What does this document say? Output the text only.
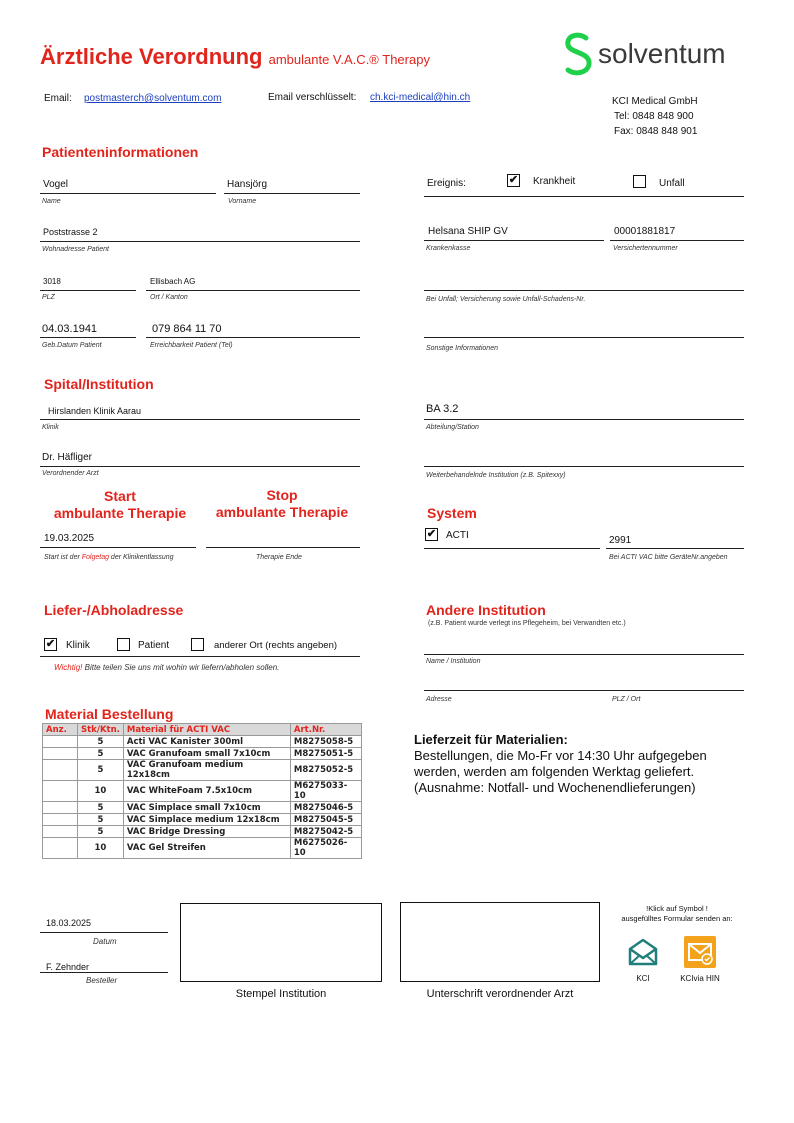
Ärztliche Verordnung ambulante V.A.C.® Therapy	solventum
Email: postmasterch@solventum.com	Email verschlüsselt: ch.kci-medical@hin.ch	KCI Medical GmbH
Tel: 0848 848 900
Fax: 0848 848 901
Patienteninformationen
Vogel
Name
Hansjörg
Vorname
Poststrasse 2
Wohnadresse Patient
3018
PLZ
Ellisbach AG
Ort / Kanton
04.03.1941
Geb.Datum Patient
079 864 11 70
Erreichbarkeit Patient (Tel)
Ereignis:	✔ Krankheit	Unfall
Helsana SHIP GV
Krankenkasse
00001881817
Versichertennummer
Bei Unfall; Versicherung sowie Unfall-Schadens-Nr.
Sonstige Informationen
Spital/Institution
Hirslanden Klinik Aarau
Klinik
BA 3.2
Abteilung/Station
Dr. Häfliger
Verordnender Arzt	Weiterbehandelnde Institution (z.B. Spitexxy)
Start
ambulante Therapie
Stop
ambulante Therapie
19.03.2025
Start ist der Folgetag der Klinikentlassung	Therapie Ende
System
✔ ACTI	2991
Bei ACTI VAC bitte GeräteNr.angeben
Liefer-/Abholadresse
✔ Klinik	Patient	anderer Ort (rechts angeben)
Wichtig! Bitte teilen Sie uns mit wohin wir liefern/abholen sollen.
Andere Institution
(z.B. Patient wurde verlegt ins Pflegeheim, bei Verwandten etc.)
Name / Institution
Adresse	PLZ / Ort
Material Bestellung
Anz.	Stk/Ktn.	Material für ACTI VAC	Art.Nr.
	5	Acti VAC Kanister 300ml	M8275058-5
	5	VAC Granufoam small 7x10cm	M8275051-5
	5	VAC Granufoam medium 12x18cm	M8275052-5
	10	VAC WhiteFoam 7.5x10cm	M6275033-10
	5	VAC Simplace small 7x10cm	M8275046-5
	5	VAC Simplace medium 12x18cm	M8275045-5
	5	VAC Bridge Dressing	M8275042-5
	10	VAC Gel Streifen	M6275026-10
Lieferzeit für Materialien:
Bestellungen, die Mo-Fr vor 14:30 Uhr aufgegeben
werden, werden am folgenden Werktag geliefert.
(Ausnahme: Notfall- und Wochenendlieferungen)
18.03.2025
Datum
F. Zehnder
Besteller
Stempel Institution	Unterschrift verordnender Arzt
!Klick auf Symbol !
ausgefülltes Formular senden an:
KCI	KCIvia HIN
